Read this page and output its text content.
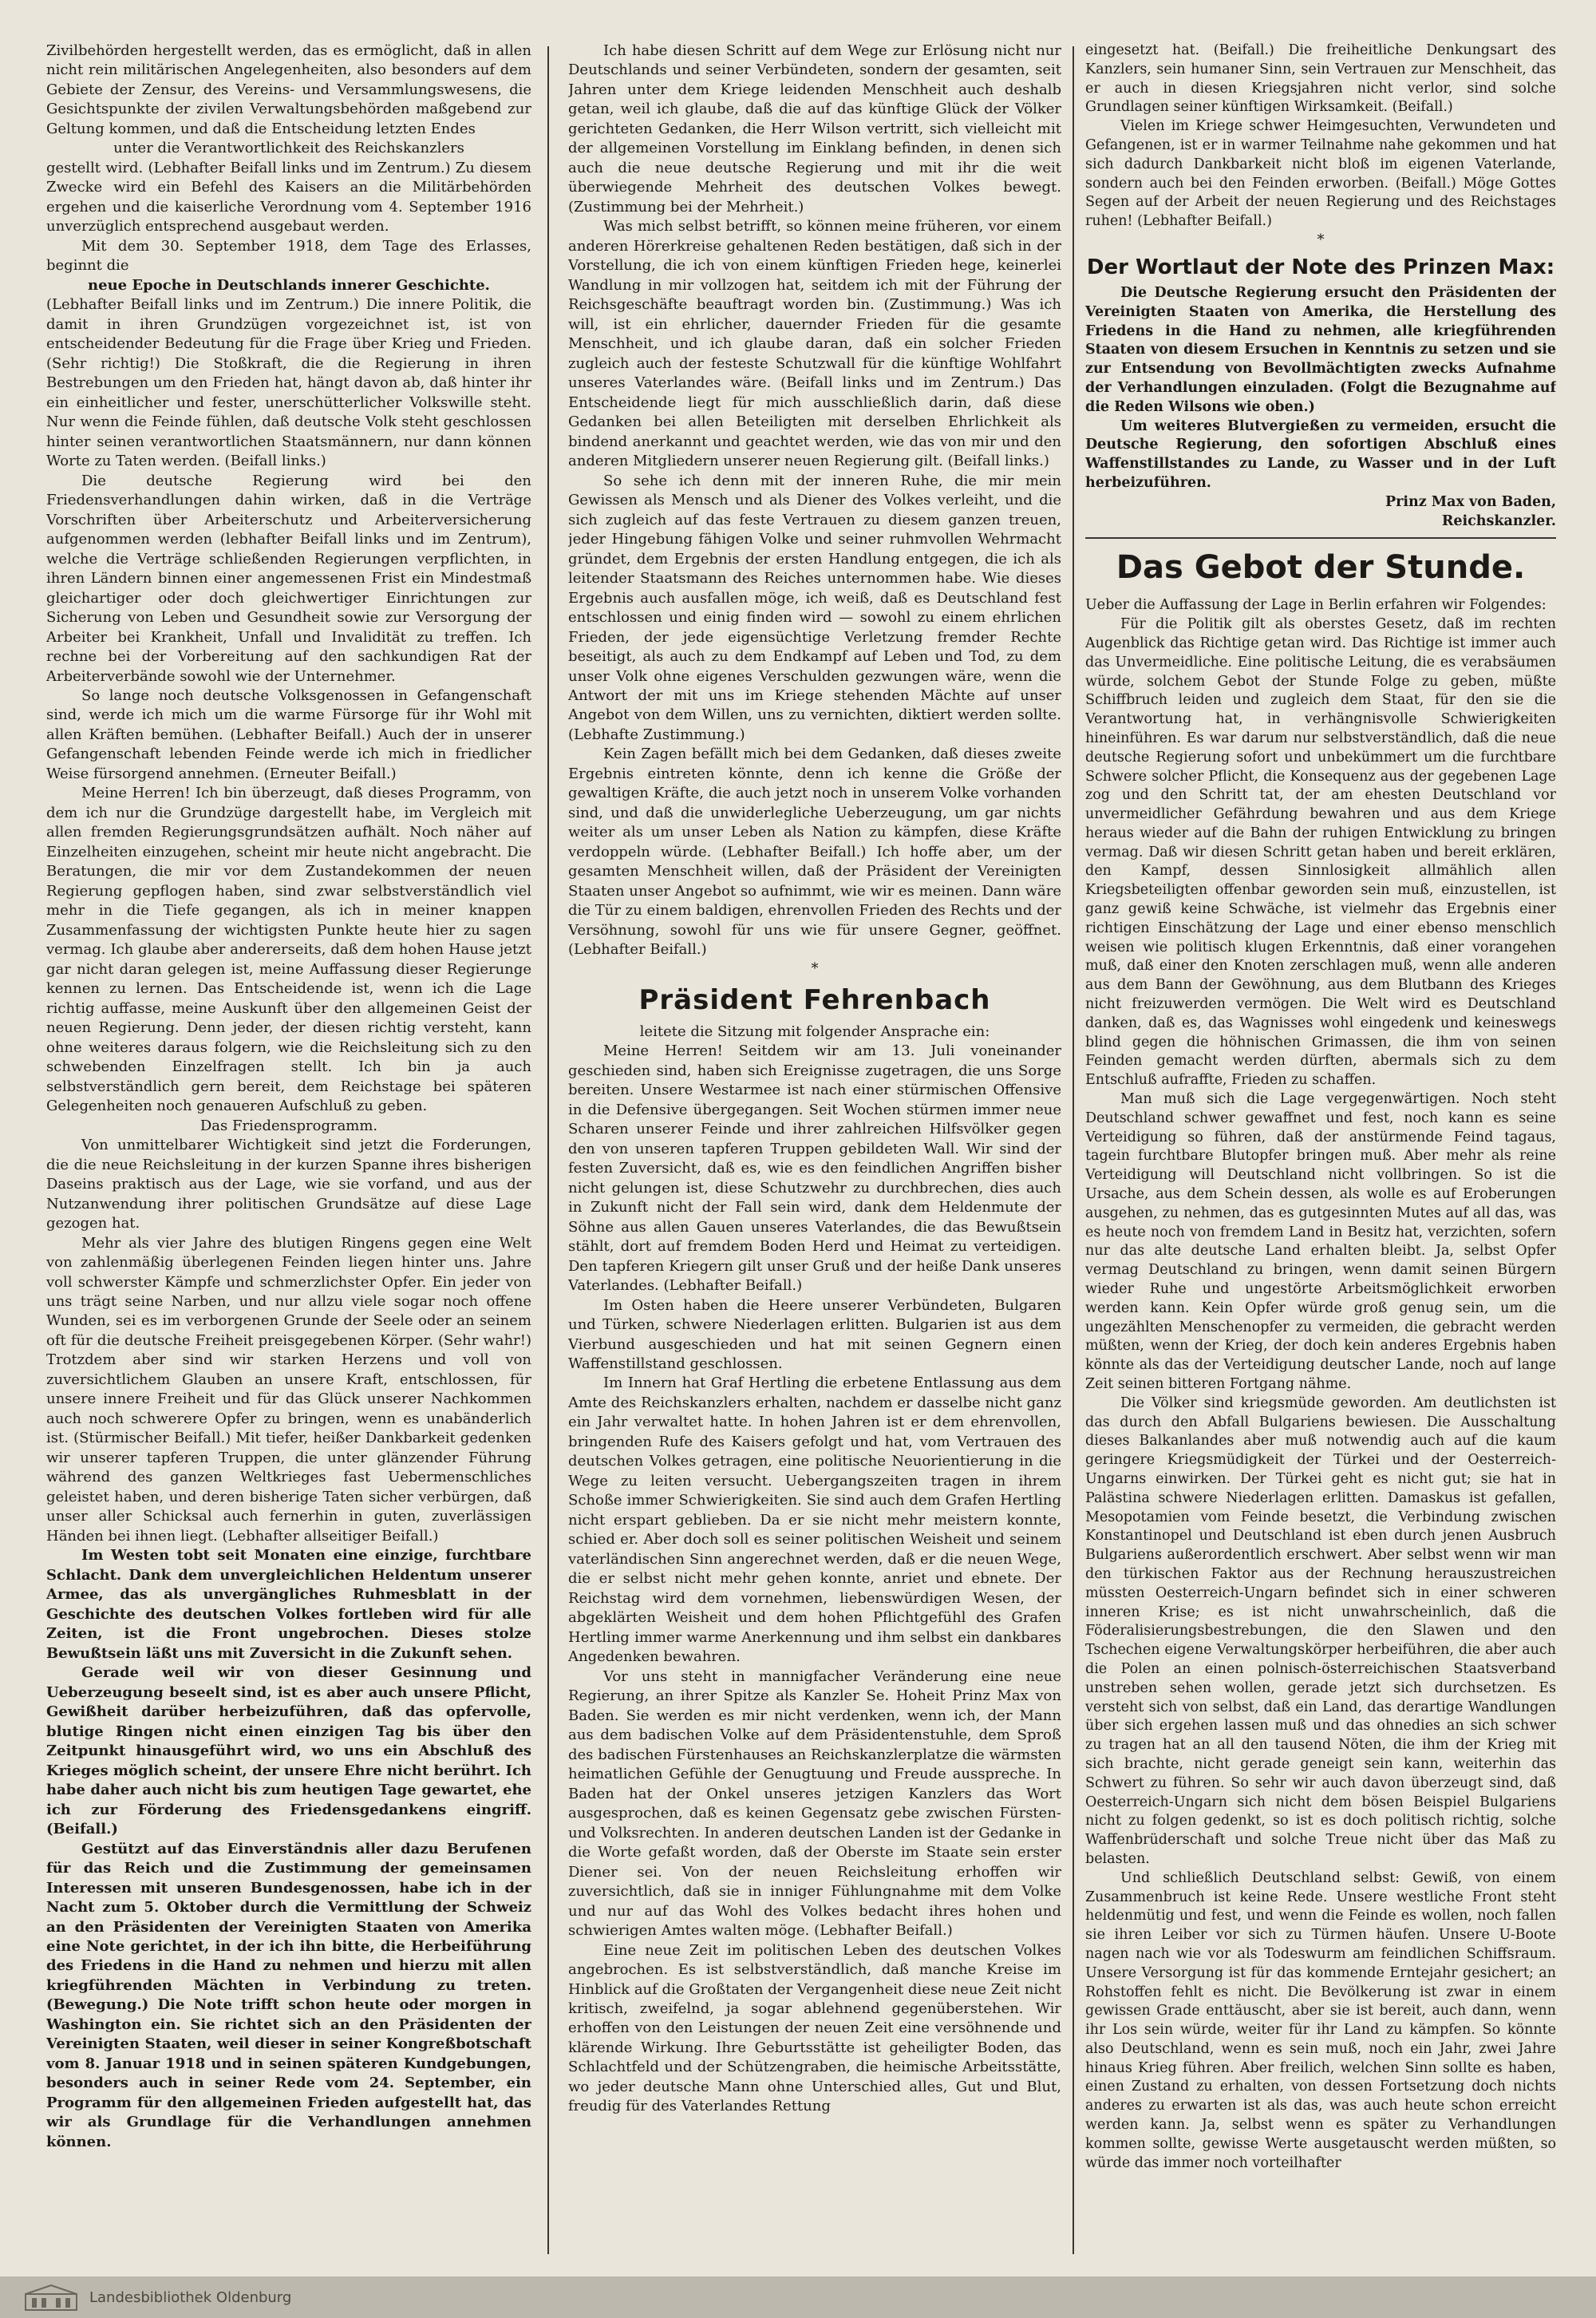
Zivilbehörden hergestellt werden, das es ermöglicht, daß in allen nicht rein militärischen Angelegenheiten, also besonders auf dem Gebiete der Zensur, des Vereins- und Versammlungswesens, die Gesichtspunkte der zivilen Verwaltungsbehörden maßgebend zur Geltung kommen, und daß die Entscheidung letzten Endes

unter die Verantwortlichkeit des Reichskanzlers

gestellt wird. (Lebhafter Beifall links und im Zentrum.) Zu diesem Zwecke wird ein Befehl des Kaisers an die Militärbehörden ergehen und die kaiserliche Verordnung vom 4. September 1916 unverzüglich entsprechend ausgebaut werden.

Mit dem 30. September 1918, dem Tage des Erlasses, beginnt die

neue Epoche in Deutschlands innerer Geschichte.

(Lebhafter Beifall links und im Zentrum.) Die innere Politik, die damit in ihren Grundzügen vorgezeichnet ist, ist von entscheidender Bedeutung für die Frage über Krieg und Frieden. (Sehr richtig!) Die Stoßkraft, die die Regierung in ihren Bestrebungen um den Frieden hat, hängt davon ab, daß hinter ihr ein einheitlicher und fester, unerschütterlicher Volkswille steht. Nur wenn die Feinde fühlen, daß deutsche Volk steht geschlossen hinter seinen verantwortlichen Staatsmännern, nur dann können Worte zu Taten werden. (Beifall links.)

Die deutsche Regierung wird bei den Friedensverhandlungen dahin wirken, daß in die Verträge Vorschriften über Arbeiterschutz und Arbeiterversicherung aufgenommen werden (lebhafter Beifall links und im Zentrum), welche die Verträge schließenden Regierungen verpflichten, in ihren Ländern binnen einer angemessenen Frist ein Mindestmaß gleichartiger oder doch gleichwertiger Einrichtungen zur Sicherung von Leben und Gesundheit sowie zur Versorgung der Arbeiter bei Krankheit, Unfall und Invalidität zu treffen. Ich rechne bei der Vorbereitung auf den sachkundigen Rat der Arbeiterverbände sowohl wie der Unternehmer.

So lange noch deutsche Volksgenossen in Gefangenschaft sind, werde ich mich um die warme Fürsorge für ihr Wohl mit allen Kräften bemühen. (Lebhafter Beifall.) Auch der in unserer Gefangenschaft lebenden Feinde werde ich mich in friedlicher Weise fürsorgend annehmen. (Erneuter Beifall.)

Meine Herren! Ich bin überzeugt, daß dieses Programm, von dem ich nur die Grundzüge dargestellt habe, im Vergleich mit allen fremden Regierungsgrundsätzen aufhält. Noch näher auf Einzelheiten einzugehen, scheint mir heute nicht angebracht. Die Beratungen, die mir vor dem Zustandekommen der neuen Regierung gepflogen haben, sind zwar selbstverständlich viel mehr in die Tiefe gegangen, als ich in meiner knappen Zusammenfassung der wichtigsten Punkte heute hier zu sagen vermag. Ich glaube aber andererseits, daß dem hohen Hause jetzt gar nicht daran gelegen ist, meine Auffassung dieser Regierunge kennen zu lernen. Das Entscheidende ist, wenn ich die Lage richtig auffasse, meine Auskunft über den allgemeinen Geist der neuen Regierung. Denn jeder, der diesen richtig versteht, kann ohne weiteres daraus folgern, wie die Reichsleitung sich zu den schwebenden Einzelfragen stellt. Ich bin ja auch selbstverständlich gern bereit, dem Reichstage bei späteren Gelegenheiten noch genaueren Aufschluß zu geben.

Das Friedensprogramm.

Von unmittelbarer Wichtigkeit sind jetzt die Forderungen, die die neue Reichsleitung in der kurzen Spanne ihres bisherigen Daseins praktisch aus der Lage, wie sie vorfand, und aus der Nutzanwendung ihrer politischen Grundsätze auf diese Lage gezogen hat.

Mehr als vier Jahre des blutigen Ringens gegen eine Welt von zahlenmäßig überlegenen Feinden liegen hinter uns. Jahre voll schwerster Kämpfe und schmerzlichster Opfer. Ein jeder von uns trägt seine Narben, und nur allzu viele sogar noch offene Wunden, sei es im verborgenen Grunde der Seele oder an seinem oft für die deutsche Freiheit preisgegebenen Körper. (Sehr wahr!) Trotzdem aber sind wir starken Herzens und voll von zuversichtlichem Glauben an unsere Kraft, entschlossen, für unsere innere Freiheit und für das Glück unserer Nachkommen auch noch schwerere Opfer zu bringen, wenn es unabänderlich ist. (Stürmischer Beifall.) Mit tiefer, heißer Dankbarkeit gedenken wir unserer tapferen Truppen, die unter glänzender Führung während des ganzen Weltkrieges fast Uebermenschliches geleistet haben, und deren bisherige Taten sicher verbürgen, daß unser aller Schicksal auch fernerhin in guten, zuverlässigen Händen bei ihnen liegt. (Lebhafter allseitiger Beifall.)

Im Westen tobt seit Monaten eine einzige, furchtbare Schlacht. Dank dem unvergleichlichen Heldentum unserer Armee, das als unvergängliches Ruhmesblatt in der Geschichte des deutschen Volkes fortleben wird für alle Zeiten, ist die Front ungebrochen. Dieses stolze Bewußtsein läßt uns mit Zuversicht in die Zukunft sehen.

Gerade weil wir von dieser Gesinnung und Ueberzeugung beseelt sind, ist es aber auch unsere Pflicht, Gewißheit darüber herbeizuführen, daß das opfervolle, blutige Ringen nicht einen einzigen Tag bis über den Zeitpunkt hinausgeführt wird, wo uns ein Abschluß des Krieges möglich scheint, der unsere Ehre nicht berührt. Ich habe daher auch nicht bis zum heutigen Tage gewartet, ehe ich zur Förderung des Friedensgedankens eingriff. (Beifall.)

Gestützt auf das Einverständnis aller dazu Berufenen für das Reich und die Zustimmung der gemeinsamen Interessen mit unseren Bundesgenossen, habe ich in der Nacht zum 5. Oktober durch die Vermittlung der Schweiz an den Präsidenten der Vereinigten Staaten von Amerika eine Note gerichtet, in der ich ihn bitte, die Herbeiführung des Friedens in die Hand zu nehmen und hierzu mit allen kriegführenden Mächten in Verbindung zu treten. (Bewegung.) Die Note trifft schon heute oder morgen in Washington ein. Sie richtet sich an den Präsidenten der Vereinigten Staaten, weil dieser in seiner Kongreßbotschaft vom 8. Januar 1918 und in seinen späteren Kundgebungen, besonders auch in seiner Rede vom 24. September, ein Programm für den allgemeinen Frieden aufgestellt hat, das wir als Grundlage für die Verhandlungen annehmen können.

Ich habe diesen Schritt auf dem Wege zur Erlösung nicht nur Deutschlands und seiner Verbündeten, sondern der gesamten, seit Jahren unter dem Kriege leidenden Menschheit auch deshalb getan, weil ich glaube, daß die auf das künftige Glück der Völker gerichteten Gedanken, die Herr Wilson vertritt, sich vielleicht mit der allgemeinen Vorstellung im Einklang befinden, in denen sich auch die neue deutsche Regierung und mit ihr die weit überwiegende Mehrheit des deutschen Volkes bewegt. (Zustimmung bei der Mehrheit.)

Was mich selbst betrifft, so können meine früheren, vor einem anderen Hörerkreise gehaltenen Reden bestätigen, daß sich in der Vorstellung, die ich von einem künftigen Frieden hege, keinerlei Wandlung in mir vollzogen hat, seitdem ich mit der Führung der Reichsgeschäfte beauftragt worden bin. (Zustimmung.) Was ich will, ist ein ehrlicher, dauernder Frieden für die gesamte Menschheit, und ich glaube daran, daß ein solcher Frieden zugleich auch der festeste Schutzwall für die künftige Wohlfahrt unseres Vaterlandes wäre. (Beifall links und im Zentrum.) Das Entscheidende liegt für mich ausschließlich darin, daß diese Gedanken bei allen Beteiligten mit derselben Ehrlichkeit als bindend anerkannt und geachtet werden, wie das von mir und den anderen Mitgliedern unserer neuen Regierung gilt. (Beifall links.)

So sehe ich denn mit der inneren Ruhe, die mir mein Gewissen als Mensch und als Diener des Volkes verleiht, und die sich zugleich auf das feste Vertrauen zu diesem ganzen treuen, jeder Hingebung fähigen Volke und seiner ruhmvollen Wehrmacht gründet, dem Ergebnis der ersten Handlung entgegen, die ich als leitender Staatsmann des Reiches unternommen habe. Wie dieses Ergebnis auch ausfallen möge, ich weiß, daß es Deutschland fest entschlossen und einig finden wird — sowohl zu einem ehrlichen Frieden, der jede eigensüchtige Verletzung fremder Rechte beseitigt, als auch zu dem Endkampf auf Leben und Tod, zu dem unser Volk ohne eigenes Verschulden gezwungen wäre, wenn die Antwort der mit uns im Kriege stehenden Mächte auf unser Angebot von dem Willen, uns zu vernichten, diktiert werden sollte. (Lebhafte Zustimmung.)

Kein Zagen befällt mich bei dem Gedanken, daß dieses zweite Ergebnis eintreten könnte, denn ich kenne die Größe der gewaltigen Kräfte, die auch jetzt noch in unserem Volke vorhanden sind, und daß die unwiderlegliche Ueberzeugung, um gar nichts weiter als um unser Leben als Nation zu kämpfen, diese Kräfte verdoppeln würde. (Lebhafter Beifall.) Ich hoffe aber, um der gesamten Menschheit willen, daß der Präsident der Vereinigten Staaten unser Angebot so aufnimmt, wie wir es meinen. Dann wäre die Tür zu einem baldigen, ehrenvollen Frieden des Rechts und der Versöhnung, sowohl für uns wie für unsere Gegner, geöffnet. (Lebhafter Beifall.)

*

Präsident Fehrenbach

leitete die Sitzung mit folgender Ansprache ein:

Meine Herren! Seitdem wir am 13. Juli voneinander geschieden sind, haben sich Ereignisse zugetragen, die uns Sorge bereiten. Unsere Westarmee ist nach einer stürmischen Offensive in die Defensive übergegangen. Seit Wochen stürmen immer neue Scharen unserer Feinde und ihrer zahlreichen Hilfsvölker gegen den von unseren tapferen Truppen gebildeten Wall. Wir sind der festen Zuversicht, daß es, wie es den feindlichen Angriffen bisher nicht gelungen ist, diese Schutzwehr zu durchbrechen, dies auch in Zukunft nicht der Fall sein wird, dank dem Heldenmute der Söhne aus allen Gauen unseres Vaterlandes, die das Bewußtsein stählt, dort auf fremdem Boden Herd und Heimat zu verteidigen. Den tapferen Kriegern gilt unser Gruß und der heiße Dank unseres Vaterlandes. (Lebhafter Beifall.)

Im Osten haben die Heere unserer Verbündeten, Bulgaren und Türken, schwere Niederlagen erlitten. Bulgarien ist aus dem Vierbund ausgeschieden und hat mit seinen Gegnern einen Waffenstillstand geschlossen.

Im Innern hat Graf Hertling die erbetene Entlassung aus dem Amte des Reichskanzlers erhalten, nachdem er dasselbe nicht ganz ein Jahr verwaltet hatte. In hohen Jahren ist er dem ehrenvollen, bringenden Rufe des Kaisers gefolgt und hat, vom Vertrauen des deutschen Volkes getragen, eine politische Neuorientierung in die Wege zu leiten versucht. Uebergangszeiten tragen in ihrem Schoße immer Schwierigkeiten. Sie sind auch dem Grafen Hertling nicht erspart geblieben. Da er sie nicht mehr meistern konnte, schied er. Aber doch soll es seiner politischen Weisheit und seinem vaterländischen Sinn angerechnet werden, daß er die neuen Wege, die er selbst nicht mehr gehen konnte, anriet und ebnete. Der Reichstag wird dem vornehmen, liebenswürdigen Wesen, der abgeklärten Weisheit und dem hohen Pflichtgefühl des Grafen Hertling immer warme Anerkennung und ihm selbst ein dankbares Angedenken bewahren.

Vor uns steht in mannigfacher Veränderung eine neue Regierung, an ihrer Spitze als Kanzler Se. Hoheit Prinz Max von Baden. Sie werden es mir nicht verdenken, wenn ich, der Mann aus dem badischen Volke auf dem Präsidentenstuhle, dem Sproß des badischen Fürstenhauses an Reichskanzlerplatze die wärmsten heimatlichen Gefühle der Genugtuung und Freude ausspreche. In Baden hat der Onkel unseres jetzigen Kanzlers das Wort ausgesprochen, daß es keinen Gegensatz gebe zwischen Fürsten- und Volksrechten. In anderen deutschen Landen ist der Gedanke in die Worte gefaßt worden, daß der Oberste im Staate sein erster Diener sei. Von der neuen Reichsleitung erhoffen wir zuversichtlich, daß sie in inniger Fühlungnahme mit dem Volke und nur auf das Wohl des Volkes bedacht ihres hohen und schwierigen Amtes walten möge. (Lebhafter Beifall.)

Eine neue Zeit im politischen Leben des deutschen Volkes angebrochen. Es ist selbstverständlich, daß manche Kreise im Hinblick auf die Großtaten der Vergangenheit diese neue Zeit nicht kritisch, zweifelnd, ja sogar ablehnend gegenüberstehen. Wir erhoffen von den Leistungen der neuen Zeit eine versöhnende und klärende Wirkung. Ihre Geburtsstätte ist geheiligter Boden, das Schlachtfeld und der Schützengraben, die heimische Arbeitsstätte, wo jeder deutsche Mann ohne Unterschied alles, Gut und Blut, freudig für des Vaterlandes Rettung

eingesetzt hat. (Beifall.) Die freiheitliche Denkungsart des Kanzlers, sein humaner Sinn, sein Vertrauen zur Menschheit, das er auch in diesen Kriegsjahren nicht verlor, sind solche Grundlagen seiner künftigen Wirksamkeit. (Beifall.)

Vielen im Kriege schwer Heimgesuchten, Verwundeten und Gefangenen, ist er in warmer Teilnahme nahe gekommen und hat sich dadurch Dankbarkeit nicht bloß im eigenen Vaterlande, sondern auch bei den Feinden erworben. (Beifall.) Möge Gottes Segen auf der Arbeit der neuen Regierung und des Reichstages ruhen! (Lebhafter Beifall.)

*

Der Wortlaut der Note des Prinzen Max:

Die Deutsche Regierung ersucht den Präsidenten der Vereinigten Staaten von Amerika, die Herstellung des Friedens in die Hand zu nehmen, alle kriegführenden Staaten von diesem Ersuchen in Kenntnis zu setzen und sie zur Entsendung von Bevollmächtigten zwecks Aufnahme der Verhandlungen einzuladen. (Folgt die Bezugnahme auf die Reden Wilsons wie oben.)

Um weiteres Blutvergießen zu vermeiden, ersucht die Deutsche Regierung, den sofortigen Abschluß eines Waffenstillstandes zu Lande, zu Wasser und in der Luft herbeizuführen.

Prinz Max von Baden,

Reichskanzler.

Das Gebot der Stunde.

Ueber die Auffassung der Lage in Berlin erfahren wir Folgendes:

Für die Politik gilt als oberstes Gesetz, daß im rechten Augenblick das Richtige getan wird. Das Richtige ist immer auch das Unvermeidliche. Eine politische Leitung, die es verabsäumen würde, solchem Gebot der Stunde Folge zu geben, müßte Schiffbruch leiden und zugleich dem Staat, für den sie die Verantwortung hat, in verhängnisvolle Schwierigkeiten hineinführen. Es war darum nur selbstverständlich, daß die neue deutsche Regierung sofort und unbekümmert um die furchtbare Schwere solcher Pflicht, die Konsequenz aus der gegebenen Lage zog und den Schritt tat, der am ehesten Deutschland vor unvermeidlicher Gefährdung bewahren und aus dem Kriege heraus wieder auf die Bahn der ruhigen Entwicklung zu bringen vermag. Daß wir diesen Schritt getan haben und bereit erklären, den Kampf, dessen Sinnlosigkeit allmählich allen Kriegsbeteiligten offenbar geworden sein muß, einzustellen, ist ganz gewiß keine Schwäche, ist vielmehr das Ergebnis einer richtigen Einschätzung der Lage und einer ebenso menschlich weisen wie politisch klugen Erkenntnis, daß einer vorangehen muß, daß einer den Knoten zerschlagen muß, wenn alle anderen aus dem Bann der Gewöhnung, aus dem Blutbann des Krieges nicht freizuwerden vermögen. Die Welt wird es Deutschland danken, daß es, das Wagnisses wohl eingedenk und keineswegs blind gegen die höhnischen Grimassen, die ihm von seinen Feinden gemacht werden dürften, abermals sich zu dem Entschluß aufraffte, Frieden zu schaffen.

Man muß sich die Lage vergegenwärtigen. Noch steht Deutschland schwer gewaffnet und fest, noch kann es seine Verteidigung so führen, daß der anstürmende Feind tagaus, tagein furchtbare Blutopfer bringen muß. Aber mehr als reine Verteidigung will Deutschland nicht vollbringen. So ist die Ursache, aus dem Schein dessen, als wolle es auf Eroberungen ausgehen, zu nehmen, das es gutgesinnten Mutes auf all das, was es heute noch von fremdem Land in Besitz hat, verzichten, sofern nur das alte deutsche Land erhalten bleibt. Ja, selbst Opfer vermag Deutschland zu bringen, wenn damit seinen Bürgern wieder Ruhe und ungestörte Arbeitsmöglichkeit erworben werden kann. Kein Opfer würde groß genug sein, um die ungezählten Menschenopfer zu vermeiden, die gebracht werden müßten, wenn der Krieg, der doch kein anderes Ergebnis haben könnte als das der Verteidigung deutscher Lande, noch auf lange Zeit seinen bitteren Fortgang nähme.

Die Völker sind kriegsmüde geworden. Am deutlichsten ist das durch den Abfall Bulgariens bewiesen. Die Ausschaltung dieses Balkanlandes aber muß notwendig auch auf die kaum geringere Kriegsmüdigkeit der Türkei und der Oesterreich-Ungarns einwirken. Der Türkei geht es nicht gut; sie hat in Palästina schwere Niederlagen erlitten. Damaskus ist gefallen, Mesopotamien vom Feinde besetzt, die Verbindung zwischen Konstantinopel und Deutschland ist eben durch jenen Ausbruch Bulgariens außerordentlich erschwert. Aber selbst wenn wir man den türkischen Faktor aus der Rechnung herauszustreichen müssten Oesterreich-Ungarn befindet sich in einer schweren inneren Krise; es ist nicht unwahrscheinlich, daß die Föderalisierungsbestrebungen, die den Slawen und den Tschechen eigene Verwaltungskörper herbeiführen, die aber auch die Polen an einen polnisch-österreichischen Staatsverband unstreben sehen wollen, gerade jetzt sich durchsetzen. Es versteht sich von selbst, daß ein Land, das derartige Wandlungen über sich ergehen lassen muß und das ohnedies an sich schwer zu tragen hat an all den tausend Nöten, die ihm der Krieg mit sich brachte, nicht gerade geneigt sein kann, weiterhin das Schwert zu führen. So sehr wir auch davon überzeugt sind, daß Oesterreich-Ungarn sich nicht dem bösen Beispiel Bulgariens nicht zu folgen gedenkt, so ist es doch politisch richtig, solche Waffenbrüderschaft und solche Treue nicht über das Maß zu belasten.

Und schließlich Deutschland selbst: Gewiß, von einem Zusammenbruch ist keine Rede. Unsere westliche Front steht heldenmütig und fest, und wenn die Feinde es wollen, noch fallen sie ihren Leiber vor sich zu Türmen häufen. Unsere U-Boote nagen nach wie vor als Todeswurm am feindlichen Schiffsraum. Unsere Versorgung ist für das kommende Erntejahr gesichert; an Rohstoffen fehlt es nicht. Die Bevölkerung ist zwar in einem gewissen Grade enttäuscht, aber sie ist bereit, auch dann, wenn ihr Los sein würde, weiter für ihr Land zu kämpfen. So könnte also Deutschland, wenn es sein muß, noch ein Jahr, zwei Jahre hinaus Krieg führen. Aber freilich, welchen Sinn sollte es haben, einen Zustand zu erhalten, von dessen Fortsetzung doch nichts anderes zu erwarten ist als das, was auch heute schon erreicht werden kann. Ja, selbst wenn es später zu Verhandlungen kommen sollte, gewisse Werte ausgetauscht werden müßten, so würde das immer noch vorteilhafter

Landesbibliothek Oldenburg
